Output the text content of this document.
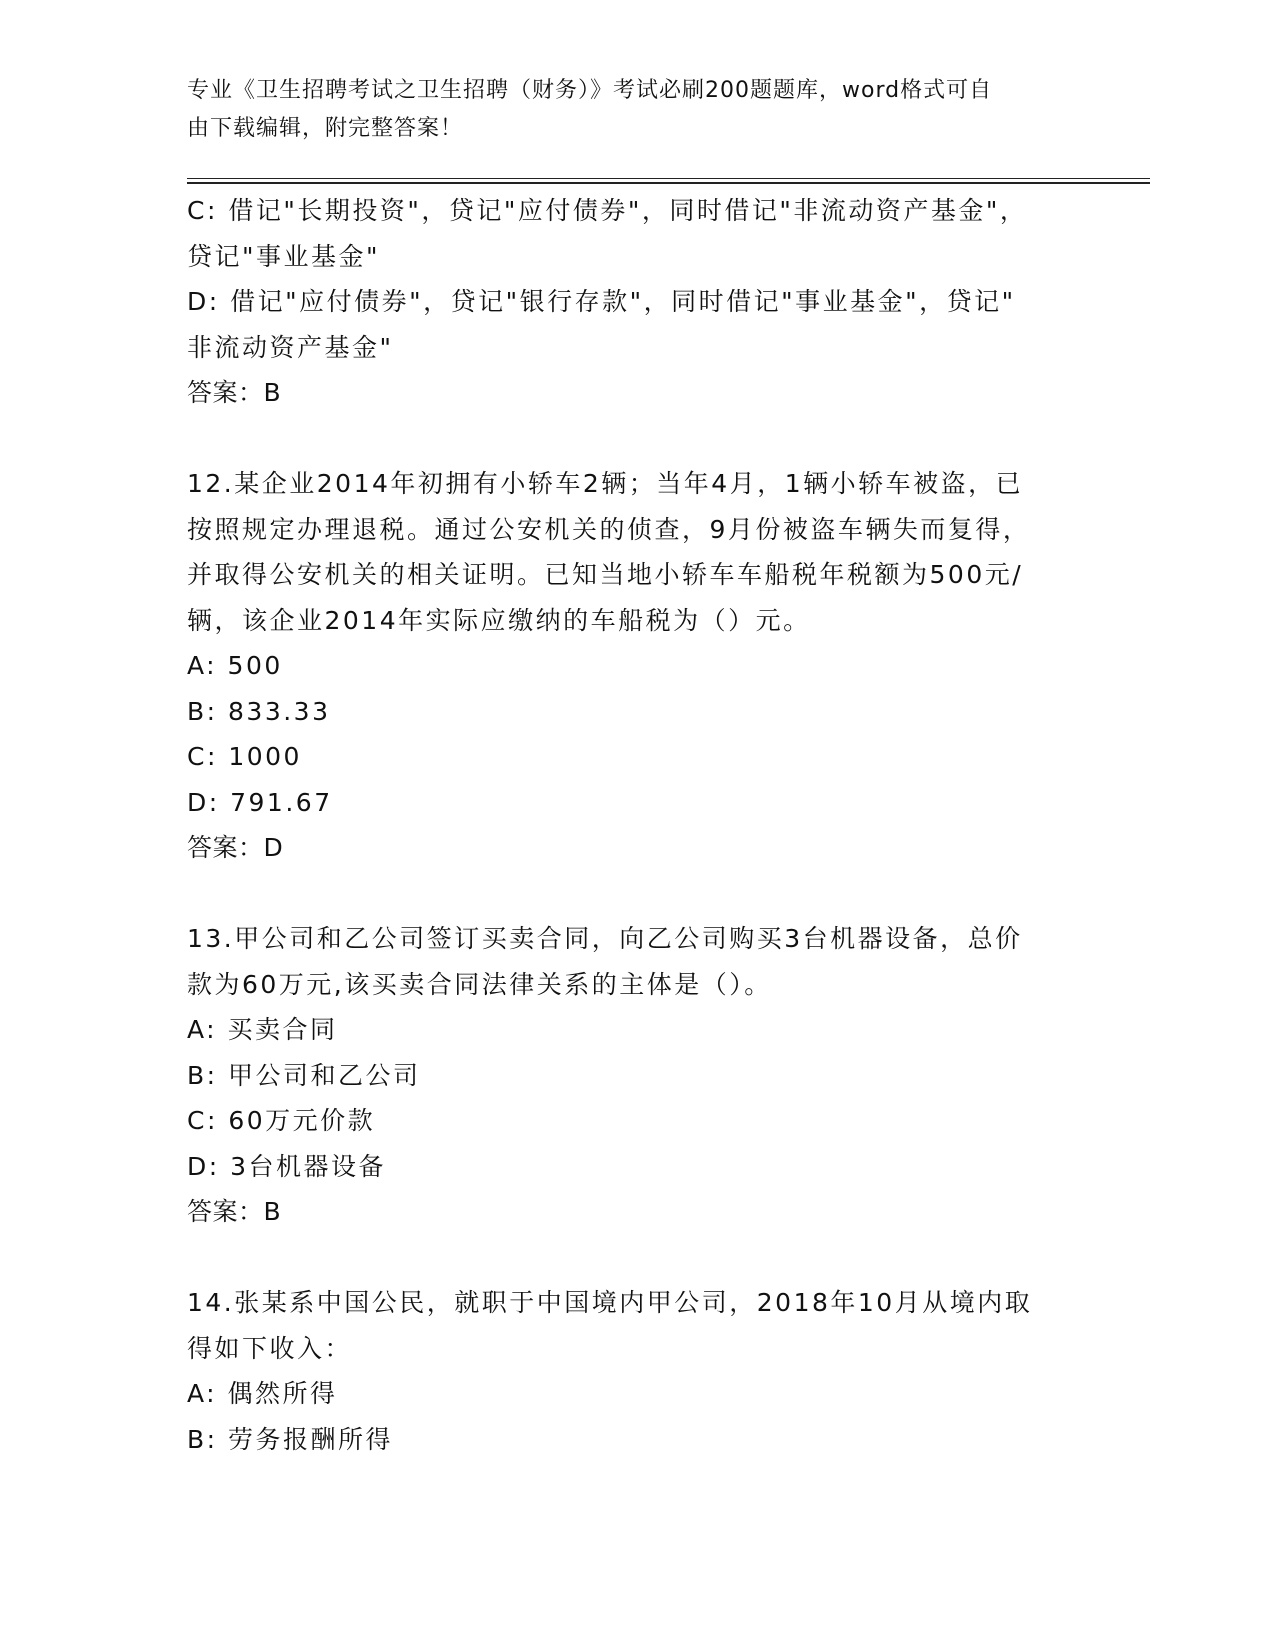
专业《卫生招聘考试之卫生招聘（财务）》考试必刷200题题库，word格式可自
由下载编辑，附完整答案！
C: 借记"长期投资"，贷记"应付债券"，同时借记"非流动资产基金"，
贷记"事业基金"
D: 借记"应付债券"，贷记"银行存款"，同时借记"事业基金"，贷记"
非流动资产基金"
答案：B
12.某企业2014年初拥有小轿车2辆；当年4月，1辆小轿车被盗，已
按照规定办理退税。通过公安机关的侦查，9月份被盗车辆失而复得，
并取得公安机关的相关证明。已知当地小轿车车船税年税额为500元/
辆，该企业2014年实际应缴纳的车船税为（）元。
A: 500
B: 833.33
C: 1000
D: 791.67
答案：D
13.甲公司和乙公司签订买卖合同，向乙公司购买3台机器设备，总价
款为60万元,该买卖合同法律关系的主体是（）。
A: 买卖合同
B: 甲公司和乙公司
C: 60万元价款
D: 3台机器设备
答案：B
14.张某系中国公民，就职于中国境内甲公司，2018年10月从境内取
得如下收入：
A: 偶然所得
B: 劳务报酬所得
